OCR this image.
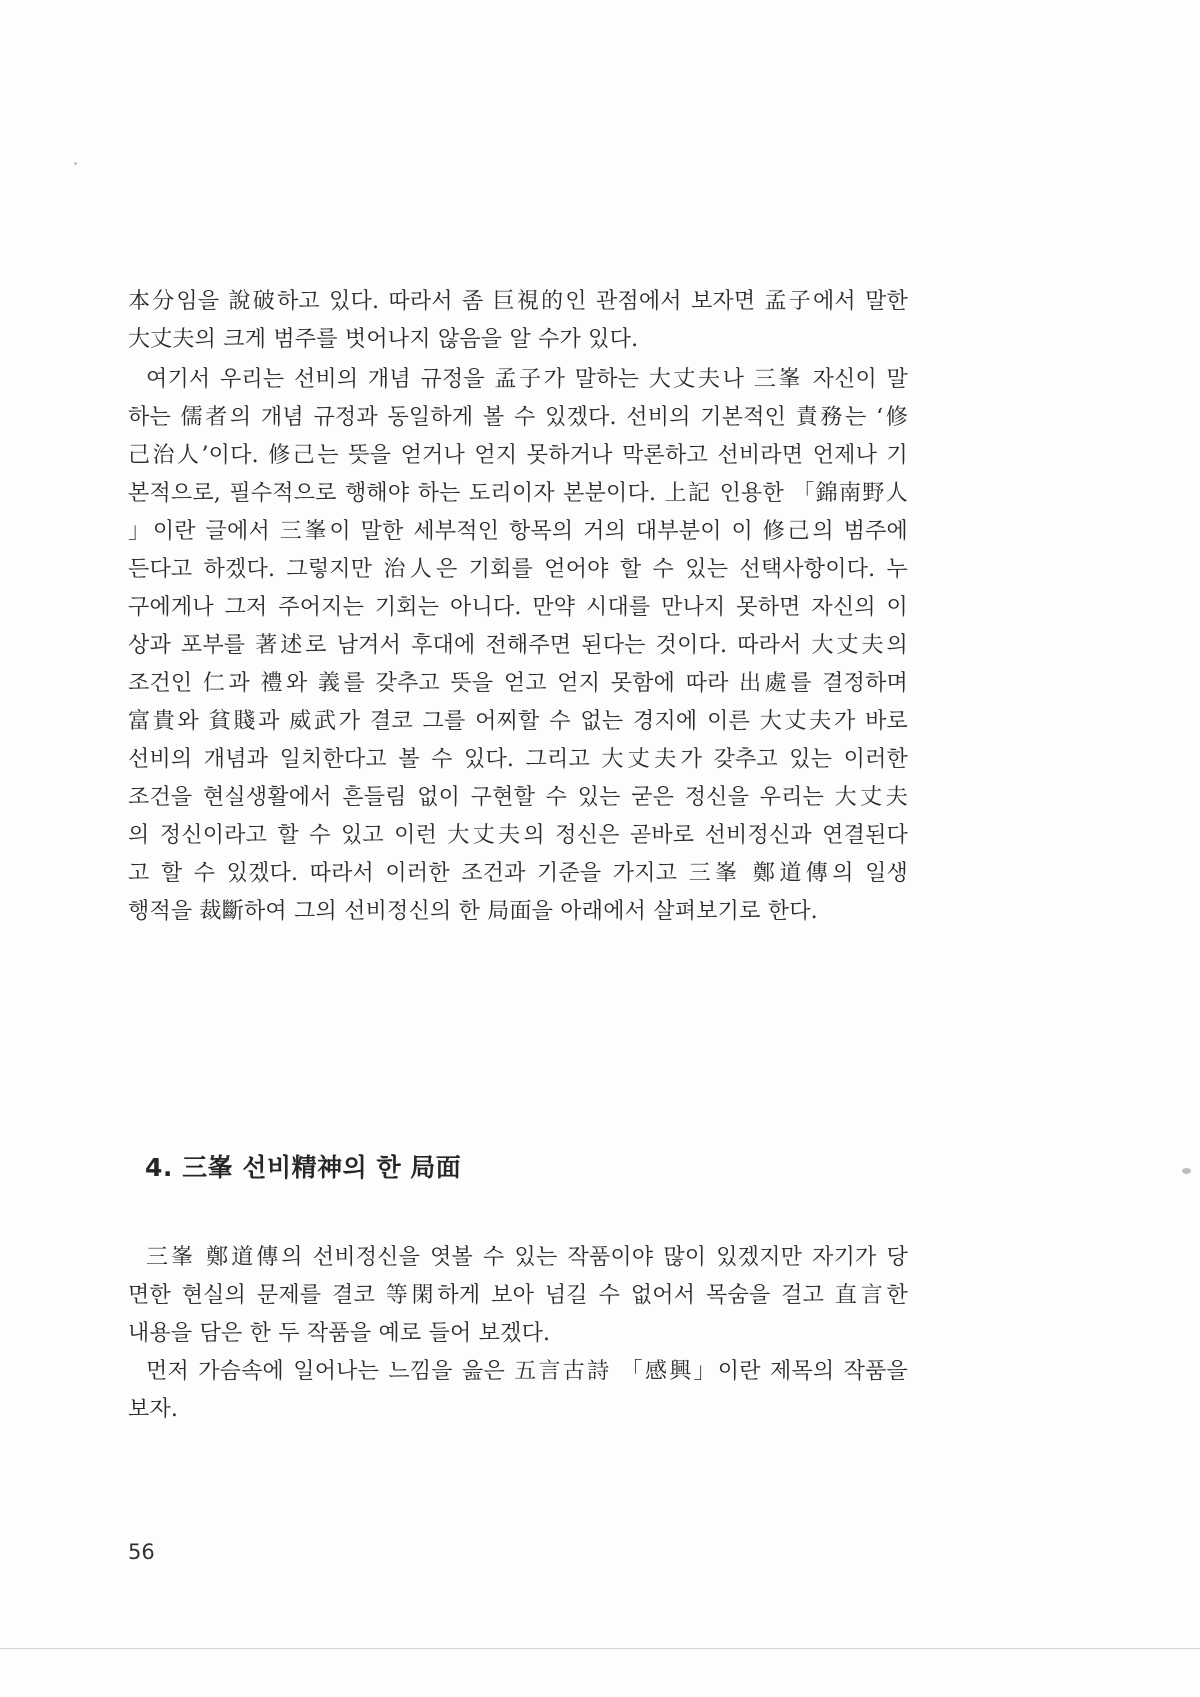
本分임을 說破하고 있다. 따라서 좀 巨視的인 관점에서 보자면 孟子에서 말한
大丈夫의 크게 범주를 벗어나지 않음을 알 수가 있다.
여기서 우리는 선비의 개념 규정을 孟子가 말하는 大丈夫나 三峯 자신이 말
하는 儒者의 개념 규정과 동일하게 볼 수 있겠다. 선비의 기본적인 責務는 ‘修
己治人’이다. 修己는 뜻을 얻거나 얻지 못하거나 막론하고 선비라면 언제나 기
본적으로, 필수적으로 행해야 하는 도리이자 본분이다. 上記 인용한 「錦南野人
」이란 글에서 三峯이 말한 세부적인 항목의 거의 대부분이 이 修己의 범주에
든다고 하겠다. 그렇지만 治人은 기회를 얻어야 할 수 있는 선택사항이다. 누
구에게나 그저 주어지는 기회는 아니다. 만약 시대를 만나지 못하면 자신의 이
상과 포부를 著述로 남겨서 후대에 전해주면 된다는 것이다. 따라서 大丈夫의
조건인 仁과 禮와 義를 갖추고 뜻을 얻고 얻지 못함에 따라 出處를 결정하며
富貴와 貧賤과 威武가 결코 그를 어찌할 수 없는 경지에 이른 大丈夫가 바로
선비의 개념과 일치한다고 볼 수 있다. 그리고 大丈夫가 갖추고 있는 이러한
조건을 현실생활에서 흔들림 없이 구현할 수 있는 굳은 정신을 우리는 大丈夫
의 정신이라고 할 수 있고 이런 大丈夫의 정신은 곧바로 선비정신과 연결된다
고 할 수 있겠다. 따라서 이러한 조건과 기준을 가지고 三峯 鄭道傳의 일생
행적을 裁斷하여 그의 선비정신의 한 局面을 아래에서 살펴보기로 한다.
4. 三峯 선비精神의 한 局面
三峯 鄭道傳의 선비정신을 엿볼 수 있는 작품이야 많이 있겠지만 자기가 당
면한 현실의 문제를 결코 等閑하게 보아 넘길 수 없어서 목숨을 걸고 直言한
내용을 담은 한 두 작품을 예로 들어 보겠다.
먼저 가슴속에 일어나는 느낌을 읊은 五言古詩 「感興」이란 제목의 작품을
보자.
56
